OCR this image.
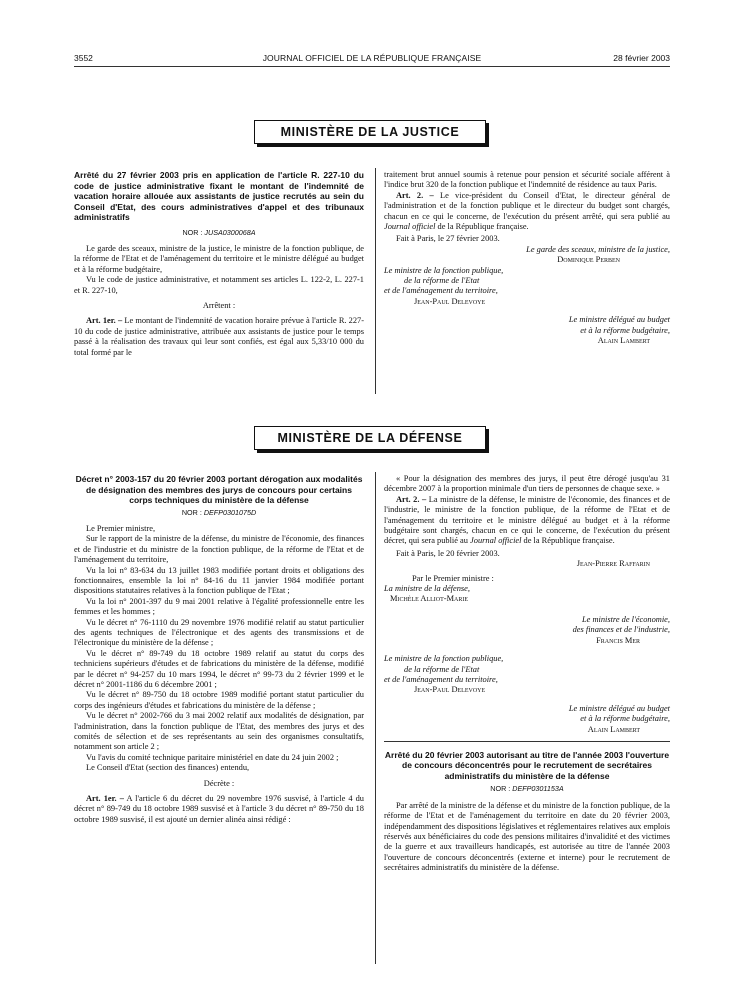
3552	JOURNAL OFFICIEL DE LA RÉPUBLIQUE FRANÇAISE	28 février 2003
MINISTÈRE DE LA JUSTICE

Arrêté du 27 février 2003 pris en application de l'article R. 227-10 du code de justice administrative fixant le montant de l'indemnité de vacation horaire allouée aux assistants de justice recrutés au sein du Conseil d'Etat, des cours administratives d'appel et des tribunaux administratifs

NOR : JUSA0300068A

Le garde des sceaux, ministre de la justice, le ministre de la fonction publique, de la réforme de l'Etat et de l'aménagement du territoire et le ministre délégué au budget et à la réforme budgétaire,

Vu le code de justice administrative, et notamment ses articles L. 122-2, L. 227-1 et R. 227-10,

Arrêtent :

Art. 1er. – Le montant de l'indemnité de vacation horaire prévue à l'article R. 227-10 du code de justice administrative, attribuée aux assistants de justice pour le temps passé à la réalisation des travaux qui leur sont confiés, est égal aux 5,33/10 000 du total formé par le

traitement brut annuel soumis à retenue pour pension et sécurité sociale afférent à l'indice brut 320 de la fonction publique et l'indemnité de résidence au taux Paris.

Art. 2. – Le vice-président du Conseil d'Etat, le directeur général de l'administration et de la fonction publique et le directeur du budget sont chargés, chacun en ce qui le concerne, de l'exécution du présent arrêté, qui sera publié au Journal officiel de la République française.

Fait à Paris, le 27 février 2003.

Le garde des sceaux, ministre de la justice,

Dominique Perben

Le ministre de la fonction publique,

de la réforme de l'Etat

et de l'aménagement du territoire,

Jean-Paul Delevoye

Le ministre délégué au budget

et à la réforme budgétaire,

Alain Lambert

MINISTÈRE DE LA DÉFENSE

Décret n° 2003-157 du 20 février 2003 portant dérogation aux modalités de désignation des membres des jurys de concours pour certains corps techniques du ministère de la défense

NOR : DEFP0301075D

Le Premier ministre,

Sur le rapport de la ministre de la défense, du ministre de l'économie, des finances et de l'industrie et du ministre de la fonction publique, de la réforme de l'Etat et de l'aménagement du territoire,

Vu la loi n° 83-634 du 13 juillet 1983 modifiée portant droits et obligations des fonctionnaires, ensemble la loi n° 84-16 du 11 janvier 1984 modifiée portant dispositions statutaires relatives à la fonction publique de l'Etat ;

Vu la loi n° 2001-397 du 9 mai 2001 relative à l'égalité professionnelle entre les femmes et les hommes ;

Vu le décret n° 76-1110 du 29 novembre 1976 modifié relatif au statut particulier des agents techniques de l'électronique et des agents des transmissions et de l'électronique du ministère de la défense ;

Vu le décret n° 89-749 du 18 octobre 1989 relatif au statut du corps des techniciens supérieurs d'études et de fabrications du ministère de la défense, modifié par le décret n° 94-257 du 10 mars 1994, le décret n° 99-73 du 2 février 1999 et le décret n° 2001-1186 du 6 décembre 2001 ;

Vu le décret n° 89-750 du 18 octobre 1989 modifié portant statut particulier du corps des ingénieurs d'études et fabrications du ministère de la défense ;

Vu le décret n° 2002-766 du 3 mai 2002 relatif aux modalités de désignation, par l'administration, dans la fonction publique de l'Etat, des membres des jurys et des comités de sélection et de ses représentants au sein des organismes consultatifs, notamment son article 2 ;

Vu l'avis du comité technique paritaire ministériel en date du 24 juin 2002 ;

Le Conseil d'Etat (section des finances) entendu,

Décrète :

Art. 1er. – A l'article 6 du décret du 29 novembre 1976 susvisé, à l'article 4 du décret n° 89-749 du 18 octobre 1989 susvisé et à l'article 3 du décret n° 89-750 du 18 octobre 1989 susvisé, il est ajouté un dernier alinéa ainsi rédigé :

« Pour la désignation des membres des jurys, il peut être dérogé jusqu'au 31 décembre 2007 à la proportion minimale d'un tiers de personnes de chaque sexe. »

Art. 2. – La ministre de la défense, le ministre de l'économie, des finances et de l'industrie, le ministre de la fonction publique, de la réforme de l'Etat et de l'aménagement du territoire et le ministre délégué au budget et à la réforme budgétaire sont chargés, chacun en ce qui le concerne, de l'exécution du présent décret, qui sera publié au Journal officiel de la République française.

Fait à Paris, le 20 février 2003.

Jean-Pierre Raffarin

Par le Premier ministre :

La ministre de la défense,

Michèle Alliot-Marie

Le ministre de l'économie,

des finances et de l'industrie,

Francis Mer

Le ministre de la fonction publique,

de la réforme de l'Etat

et de l'aménagement du territoire,

Jean-Paul Delevoye

Le ministre délégué au budget

et à la réforme budgétaire,

Alain Lambert

Arrêté du 20 février 2003 autorisant au titre de l'année 2003 l'ouverture de concours déconcentrés pour le recrutement de secrétaires administratifs du ministère de la défense

NOR : DEFP0301153A

Par arrêté de la ministre de la défense et du ministre de la fonction publique, de la réforme de l'Etat et de l'aménagement du territoire en date du 20 février 2003, indépendamment des dispositions législatives et réglementaires relatives aux emplois réservés aux bénéficiaires du code des pensions militaires d'invalidité et des victimes de la guerre et aux travailleurs handicapés, est autorisée au titre de l'année 2003 l'ouverture de concours déconcentrés (externe et interne) pour le recrutement de secrétaires administratifs du ministère de la défense.
